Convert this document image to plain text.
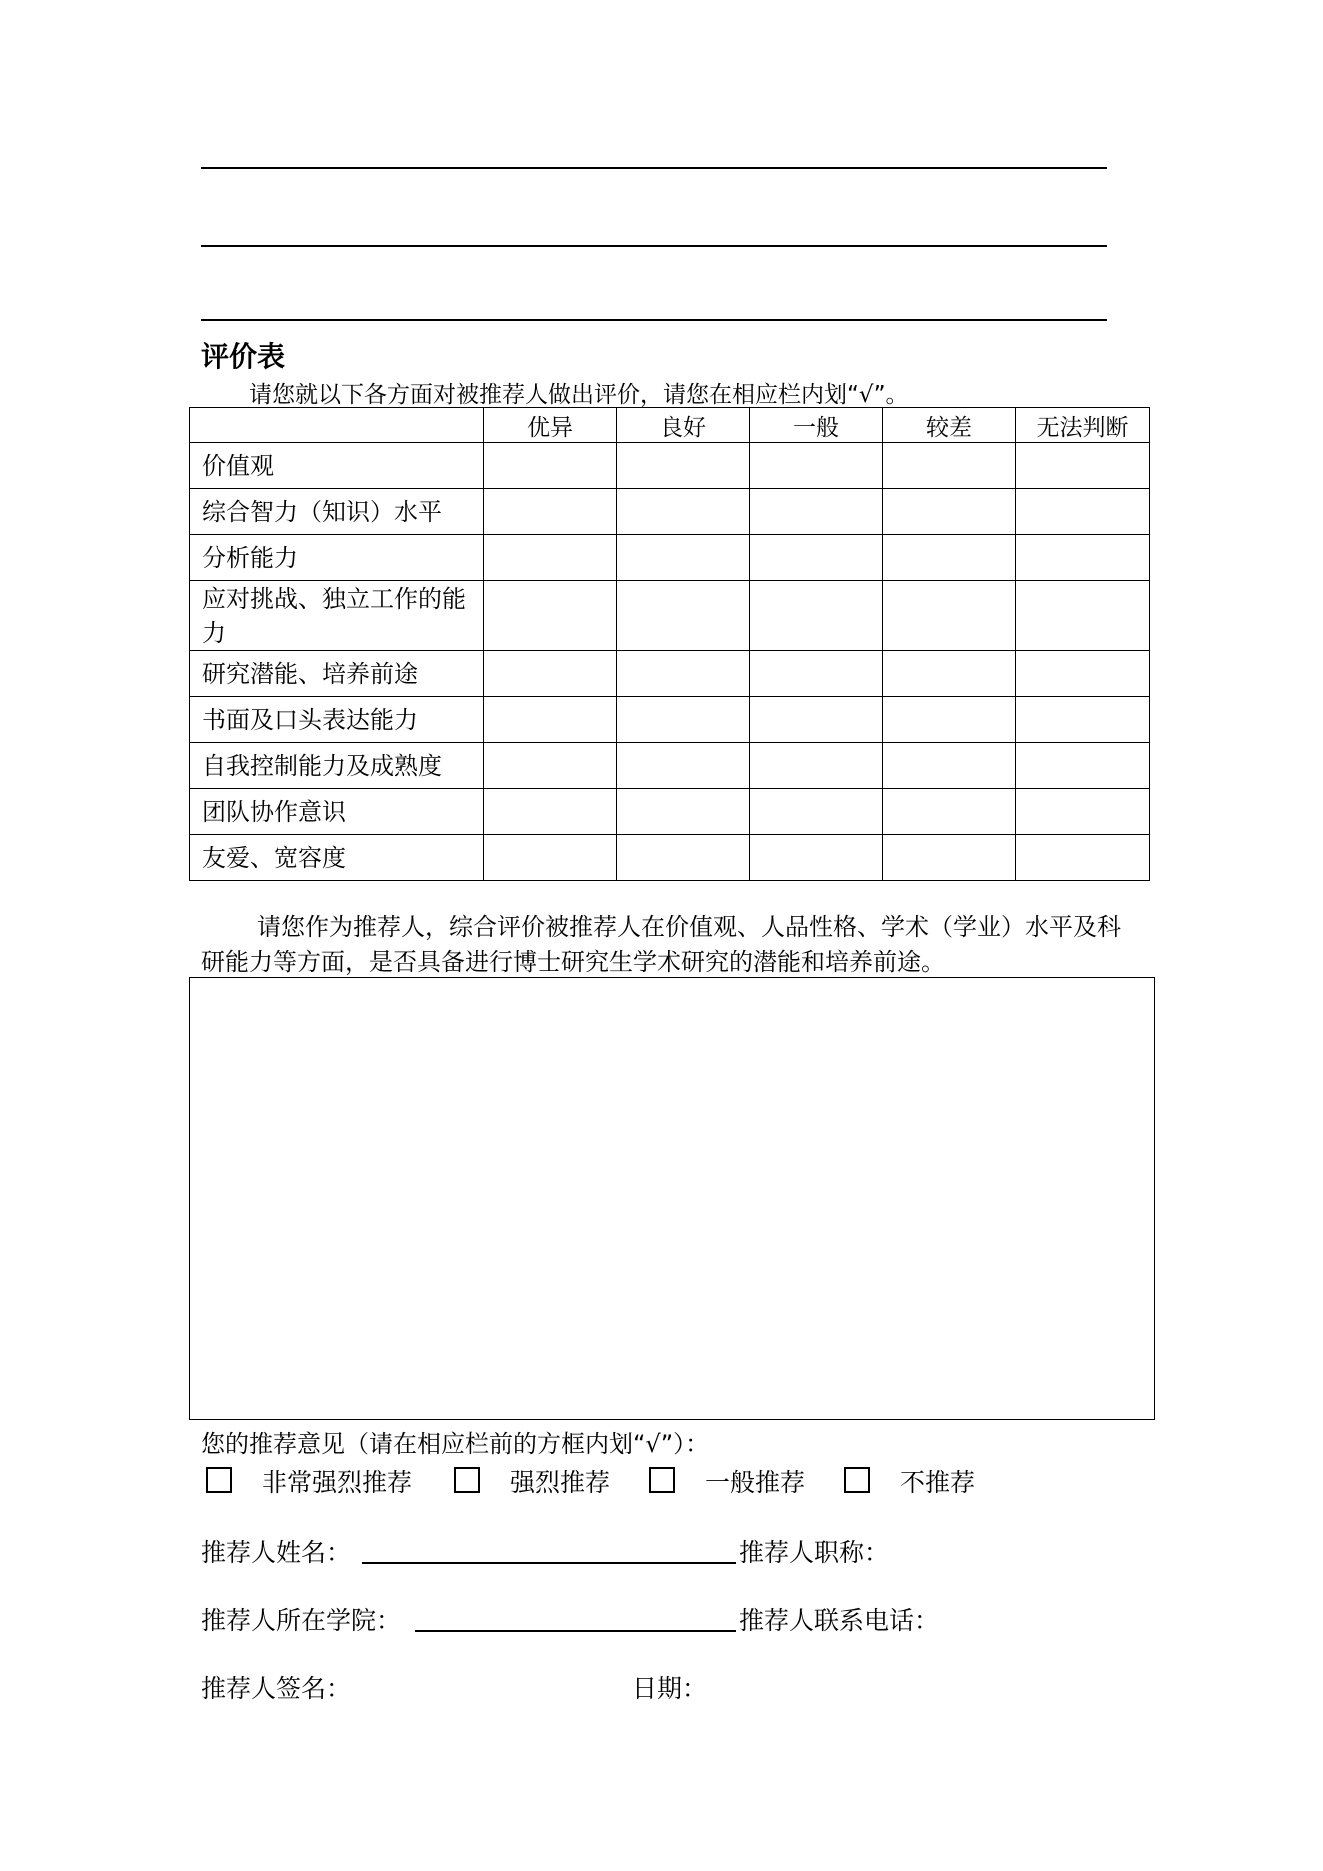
评价表
请您就以下各方面对被推荐人做出评价，请您在相应栏内划“√”。
	优异	良好	一般	较差	无法判断
价值观					
综合智力（知识）水平					
分析能力					
应对挑战、独立工作的能力					
研究潜能、培养前途					
书面及口头表达能力					
自我控制能力及成熟度					
团队协作意识					
友爱、宽容度					
请您作为推荐人，综合评价被推荐人在价值观、人品性格、学术（学业）水平及科研能力等方面，是否具备进行博士研究生学术研究的潜能和培养前途。
您的推荐意见（请在相应栏前的方框内划“√”）：
非常强烈推荐	强烈推荐	一般推荐	不推荐
推荐人姓名：	推荐人职称：
推荐人所在学院：	推荐人联系电话：
推荐人签名：	日期：
